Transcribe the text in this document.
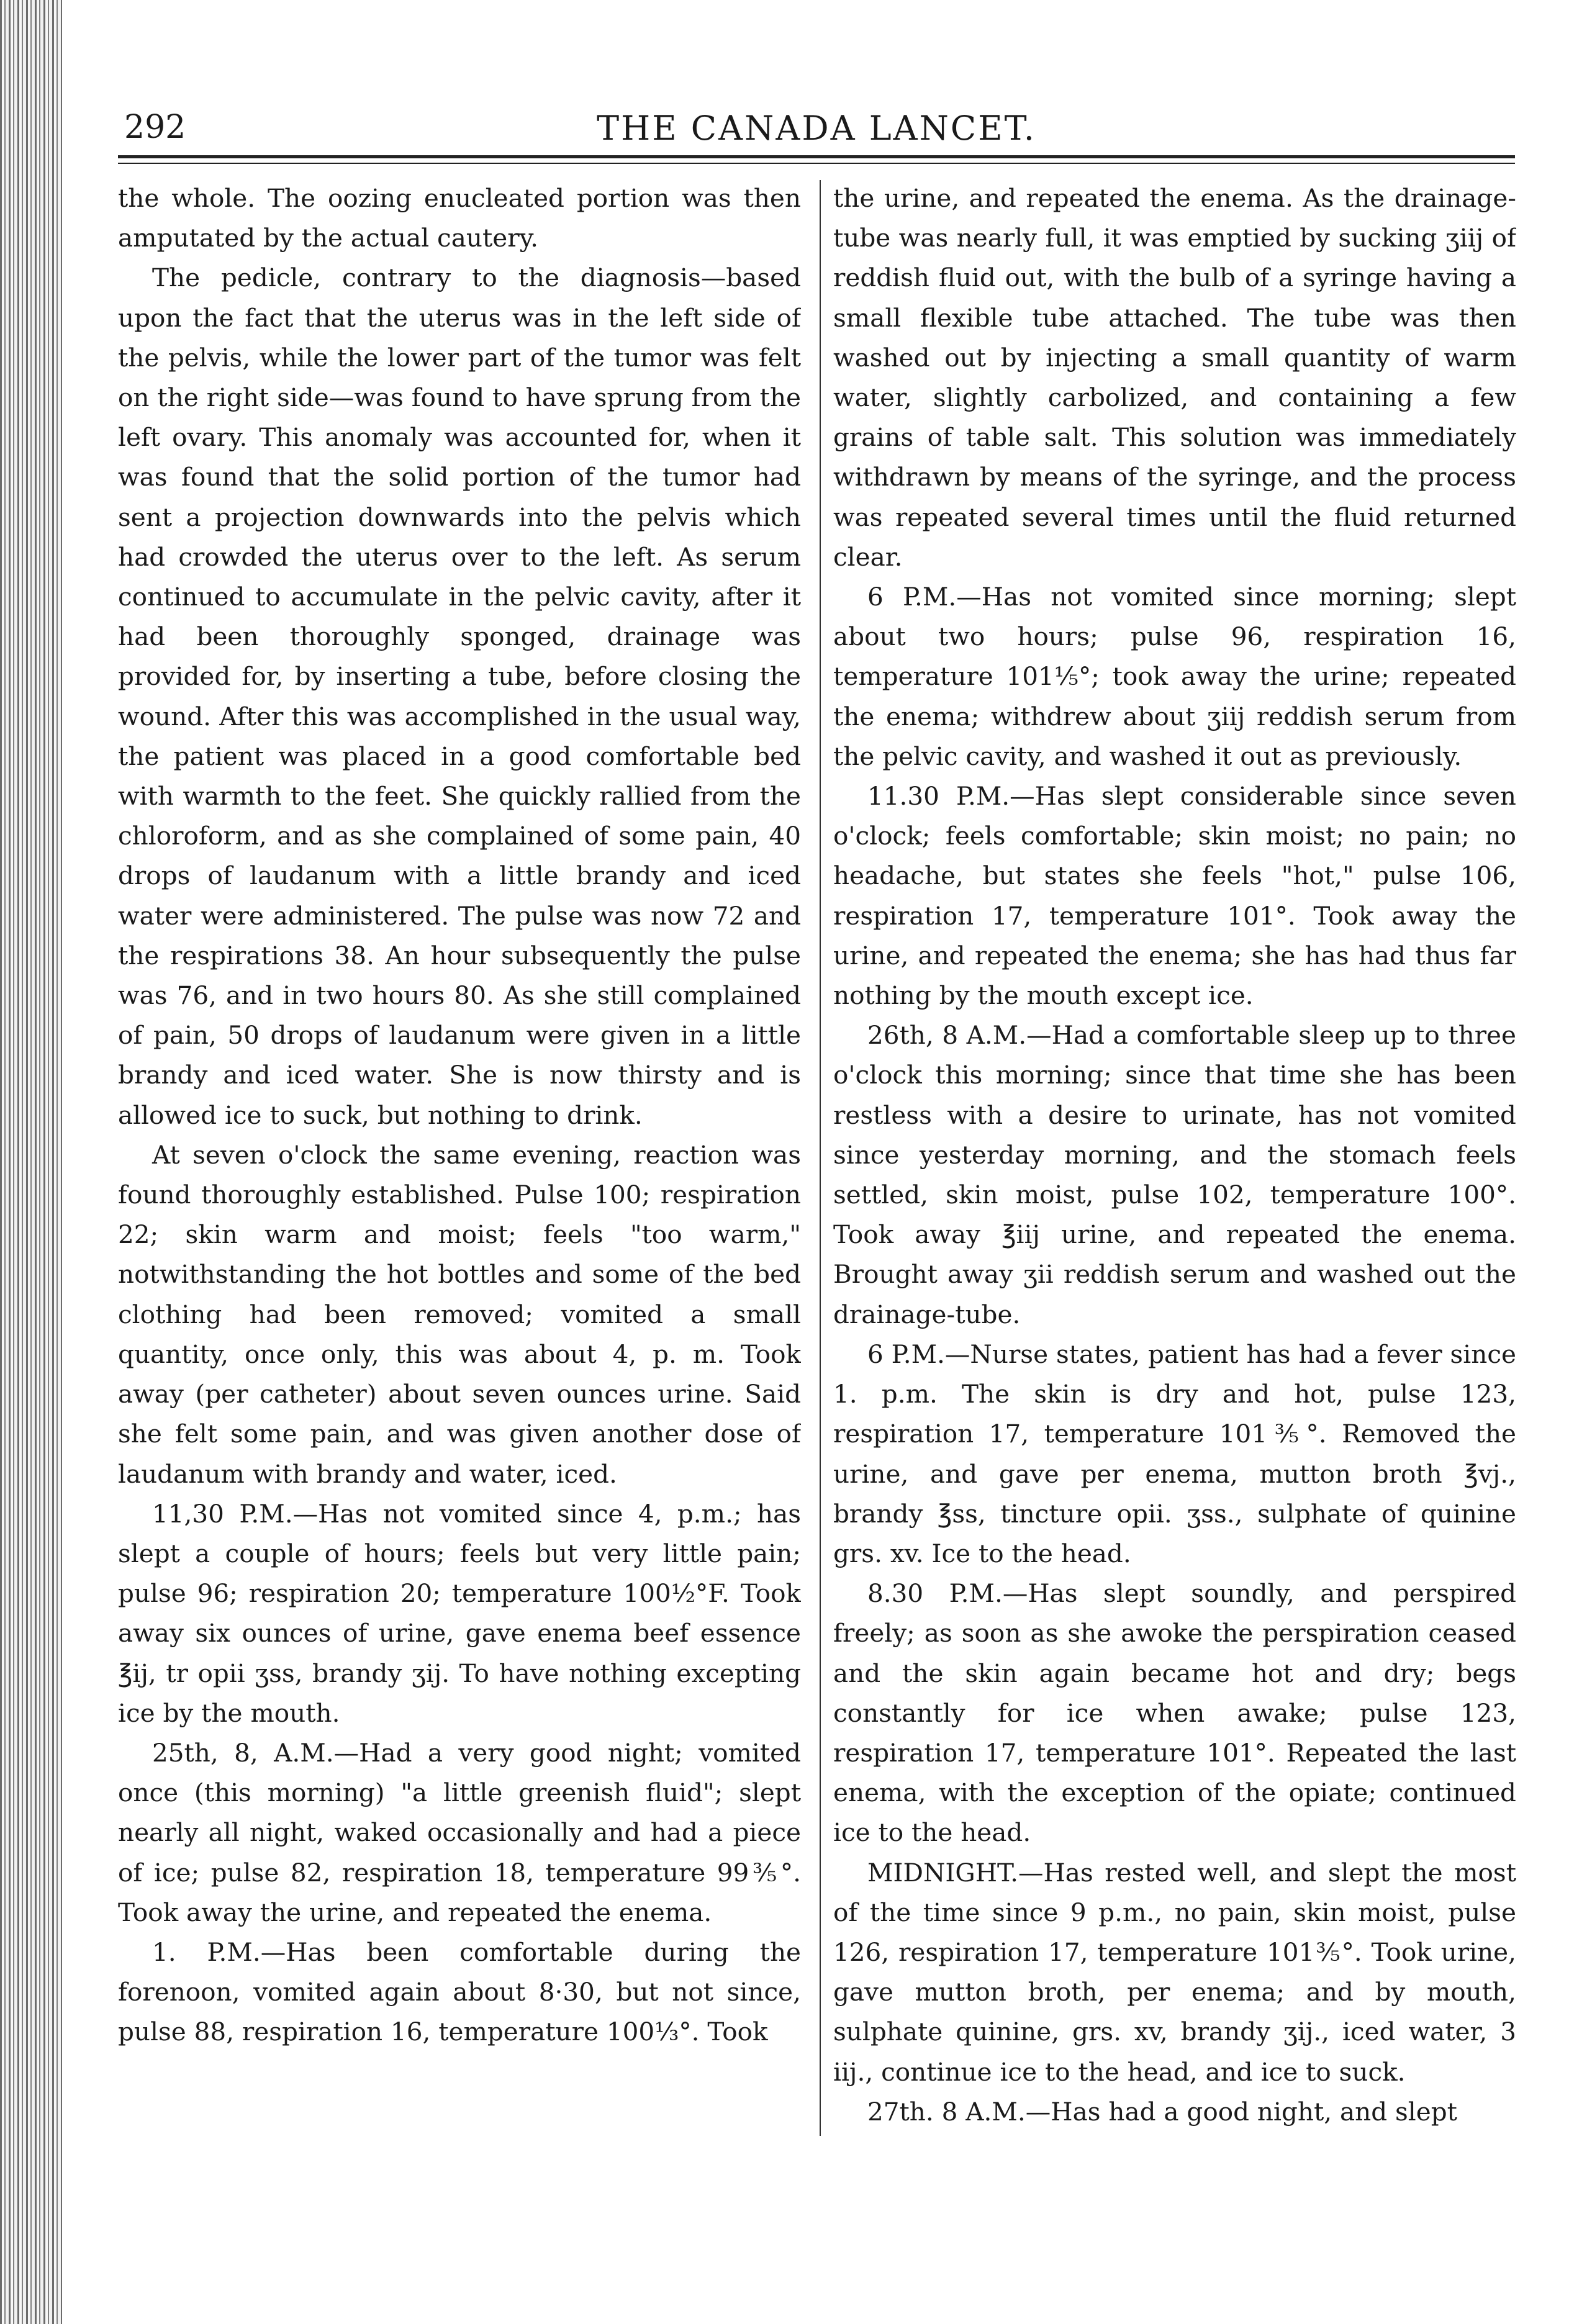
292	THE CANADA LANCET.

the whole. The oozing enucleated portion was then amputated by the actual cautery.

The pedicle, contrary to the diagnosis—based upon the fact that the uterus was in the left side of the pelvis, while the lower part of the tumor was felt on the right side—was found to have sprung from the left ovary. This anomaly was accounted for, when it was found that the solid portion of the tumor had sent a projection downwards into the pelvis which had crowded the uterus over to the left. As serum continued to accumulate in the pelvic cavity, after it had been thoroughly sponged, drainage was provided for, by inserting a tube, before closing the wound. After this was accomplished in the usual way, the patient was placed in a good comfortable bed with warmth to the feet. She quickly rallied from the chloroform, and as she complained of some pain, 40 drops of laudanum with a little brandy and iced water were administered. The pulse was now 72 and the respirations 38. An hour subsequently the pulse was 76, and in two hours 80. As she still complained of pain, 50 drops of laudanum were given in a little brandy and iced water. She is now thirsty and is allowed ice to suck, but nothing to drink.

At seven o'clock the same evening, reaction was found thoroughly established. Pulse 100; respiration 22; skin warm and moist; feels "too warm," notwithstanding the hot bottles and some of the bed clothing had been removed; vomited a small quantity, once only, this was about 4, p. m. Took away (per catheter) about seven ounces urine. Said she felt some pain, and was given another dose of laudanum with brandy and water, iced.

11,30 P.M.—Has not vomited since 4, p.m.; has slept a couple of hours; feels but very little pain; pulse 96; respiration 20; temperature 100½°F. Took away six ounces of urine, gave enema beef essence ℥ij, tr opii ʒss, brandy ʒij. To have nothing excepting ice by the mouth.

25th, 8, A.M.—Had a very good night; vomited once (this morning) "a little greenish fluid"; slept nearly all night, waked occasionally and had a piece of ice; pulse 82, respiration 18, temperature 99⅗°. Took away the urine, and repeated the enema.

1. P.M.—Has been comfortable during the forenoon, vomited again about 8·30, but not since, pulse 88, respiration 16, temperature 100⅓°. Took

the urine, and repeated the enema. As the drainage-tube was nearly full, it was emptied by sucking ʒiij of reddish fluid out, with the bulb of a syringe having a small flexible tube attached. The tube was then washed out by injecting a small quantity of warm water, slightly carbolized, and containing a few grains of table salt. This solution was immediately withdrawn by means of the syringe, and the process was repeated several times until the fluid returned clear.

6 P.M.—Has not vomited since morning; slept about two hours; pulse 96, respiration 16, temperature 101⅕°; took away the urine; repeated the enema; withdrew about ʒiij reddish serum from the pelvic cavity, and washed it out as previously.

11.30 P.M.—Has slept considerable since seven o'clock; feels comfortable; skin moist; no pain; no headache, but states she feels "hot," pulse 106, respiration 17, temperature 101°. Took away the urine, and repeated the enema; she has had thus far nothing by the mouth except ice.

26th, 8 A.M.—Had a comfortable sleep up to three o'clock this morning; since that time she has been restless with a desire to urinate, has not vomited since yesterday morning, and the stomach feels settled, skin moist, pulse 102, temperature 100°. Took away ℥iij urine, and repeated the enema. Brought away ʒii reddish serum and washed out the drainage-tube.

6 P.M.—Nurse states, patient has had a fever since 1. p.m. The skin is dry and hot, pulse 123, respiration 17, temperature 101⅗°. Removed the urine, and gave per enema, mutton broth ℥vj., brandy ℥ss, tincture opii. ʒss., sulphate of quinine grs. xv. Ice to the head.

8.30 P.M.—Has slept soundly, and perspired freely; as soon as she awoke the perspiration ceased and the skin again became hot and dry; begs constantly for ice when awake; pulse 123, respiration 17, temperature 101°. Repeated the last enema, with the exception of the opiate; continued ice to the head.

MIDNIGHT.—Has rested well, and slept the most of the time since 9 p.m., no pain, skin moist, pulse 126, respiration 17, temperature 101⅗°. Took urine, gave mutton broth, per enema; and by mouth, sulphate quinine, grs. xv, brandy ʒij., iced water, 3 iij., continue ice to the head, and ice to suck.

27th. 8 A.M.—Has had a good night, and slept
